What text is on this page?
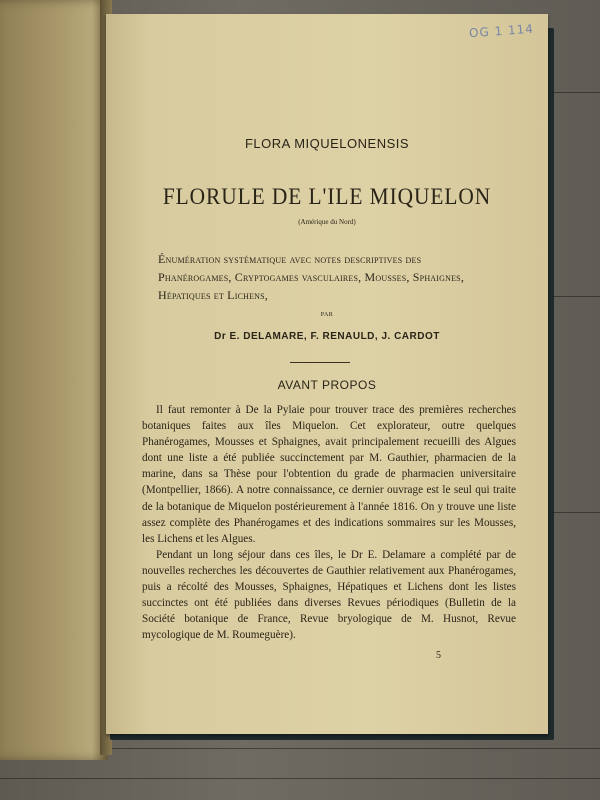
OG 1 114
FLORA MIQUELONENSIS
FLORULE DE L'ILE MIQUELON
(Amérique du Nord)
Énumération systématique avec notes descriptives des Phanérogames, Cryptogames vasculaires, Mousses, Sphaignes, Hépatiques et Lichens,
PAR
Dr E. DELAMARE, F. RENAULD, J. CARDOT
AVANT PROPOS

Il faut remonter à De la Pylaie pour trouver trace des premières recherches botaniques faites aux îles Miquelon. Cet explorateur, outre quelques Phanérogames, Mousses et Sphaignes, avait principalement recueilli des Algues dont une liste a été publiée succinctement par M. Gauthier, pharmacien de la marine, dans sa Thèse pour l'obtention du grade de pharmacien universitaire (Montpellier, 1866). A notre connaissance, ce dernier ouvrage est le seul qui traite de la botanique de Miquelon postérieurement à l'année 1816. On y trouve une liste assez complète des Phanérogames et des indications sommaires sur les Mousses, les Lichens et les Algues.

Pendant un long séjour dans ces îles, le Dr E. Delamare a complété par de nouvelles recherches les découvertes de Gauthier relativement aux Phanérogames, puis a récolté des Mousses, Sphaignes, Hépatiques et Lichens dont les listes succinctes ont été publiées dans diverses Revues périodiques (Bulletin de la Société botanique de France, Revue bryologique de M. Husnot, Revue mycologique de M. Roumeguère).

5
